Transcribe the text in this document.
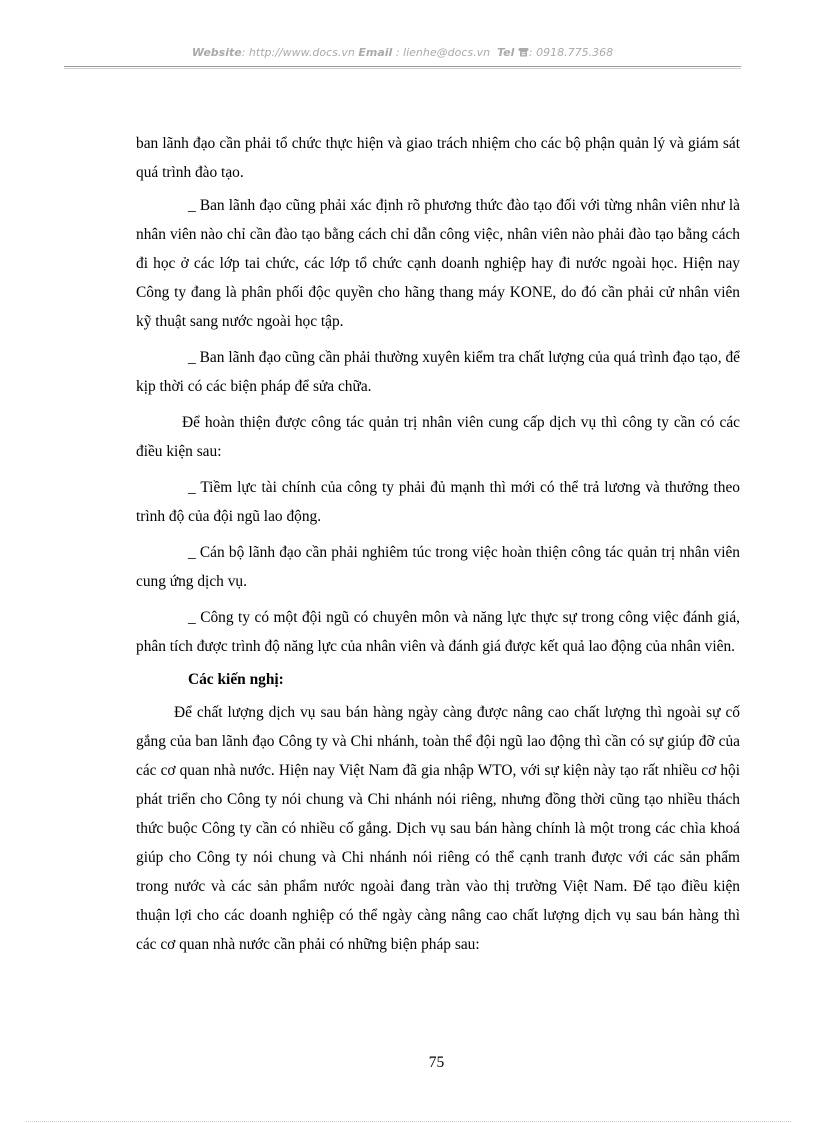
Website: http://www.docs.vn Email : lienhe@docs.vn Tel : 0918.775.368

ban lãnh đạo cần phải tổ chức thực hiện và giao trách nhiệm cho các bộ phận quản lý và giám sát quá trình đào tạo.

_ Ban lãnh đạo cũng phải xác định rõ phương thức đào tạo đối với từng nhân viên như là nhân viên nào chỉ cần đào tạo bằng cách chỉ dẫn công việc, nhân viên nào phải đào tạo bằng cách đi học ở các lớp tai chức, các lớp tổ chức cạnh doanh nghiệp hay đi nước ngoài học. Hiện nay Công ty đang là phân phối độc quyền cho hãng thang máy KONE, do đó cần phải cử nhân viên kỹ thuật sang nước ngoài học tập.

_ Ban lãnh đạo cũng cần phải thường xuyên kiểm tra chất lượng của quá trình đạo tạo, để kịp thời có các biện pháp để sửa chữa.

Để hoàn thiện được công tác quản trị nhân viên cung cấp dịch vụ thì công ty cần có các điều kiện sau:

_ Tiềm lực tài chính của công ty phải đủ mạnh thì mới có thể trả lương và thưởng theo trình độ của đội ngũ lao động.

_ Cán bộ lãnh đạo cần phải nghiêm túc trong việc hoàn thiện công tác quản trị nhân viên cung ứng dịch vụ.

_ Công ty có một đội ngũ có chuyên môn và năng lực thực sự trong công việc đánh giá, phân tích được trình độ năng lực của nhân viên và đánh giá được kết quả lao động của nhân viên.

Các kiến nghị:

Để chất lượng dịch vụ sau bán hàng ngày càng được nâng cao chất lượng thì ngoài sự cố gắng của ban lãnh đạo Công ty và Chi nhánh, toàn thể đội ngũ lao động thì cần có sự giúp đỡ của các cơ quan nhà nước. Hiện nay Việt Nam đã gia nhập WTO, với sự kiện này tạo rất nhiều cơ hội phát triển cho Công ty nói chung và Chi nhánh nói riêng, nhưng đồng thời cũng tạo nhiều thách thức buộc Công ty cần có nhiều cố gắng. Dịch vụ sau bán hàng chính là một trong các chìa khoá giúp cho Công ty nói chung và Chi nhánh nói riêng có thể cạnh tranh được với các sản phẩm trong nước và các sản phẩm nước ngoài đang tràn vào thị trường Việt Nam. Để tạo điều kiện thuận lợi cho các doanh nghiệp có thể ngày càng nâng cao chất lượng dịch vụ sau bán hàng thì các cơ quan nhà nước cần phải có những biện pháp sau:

75
